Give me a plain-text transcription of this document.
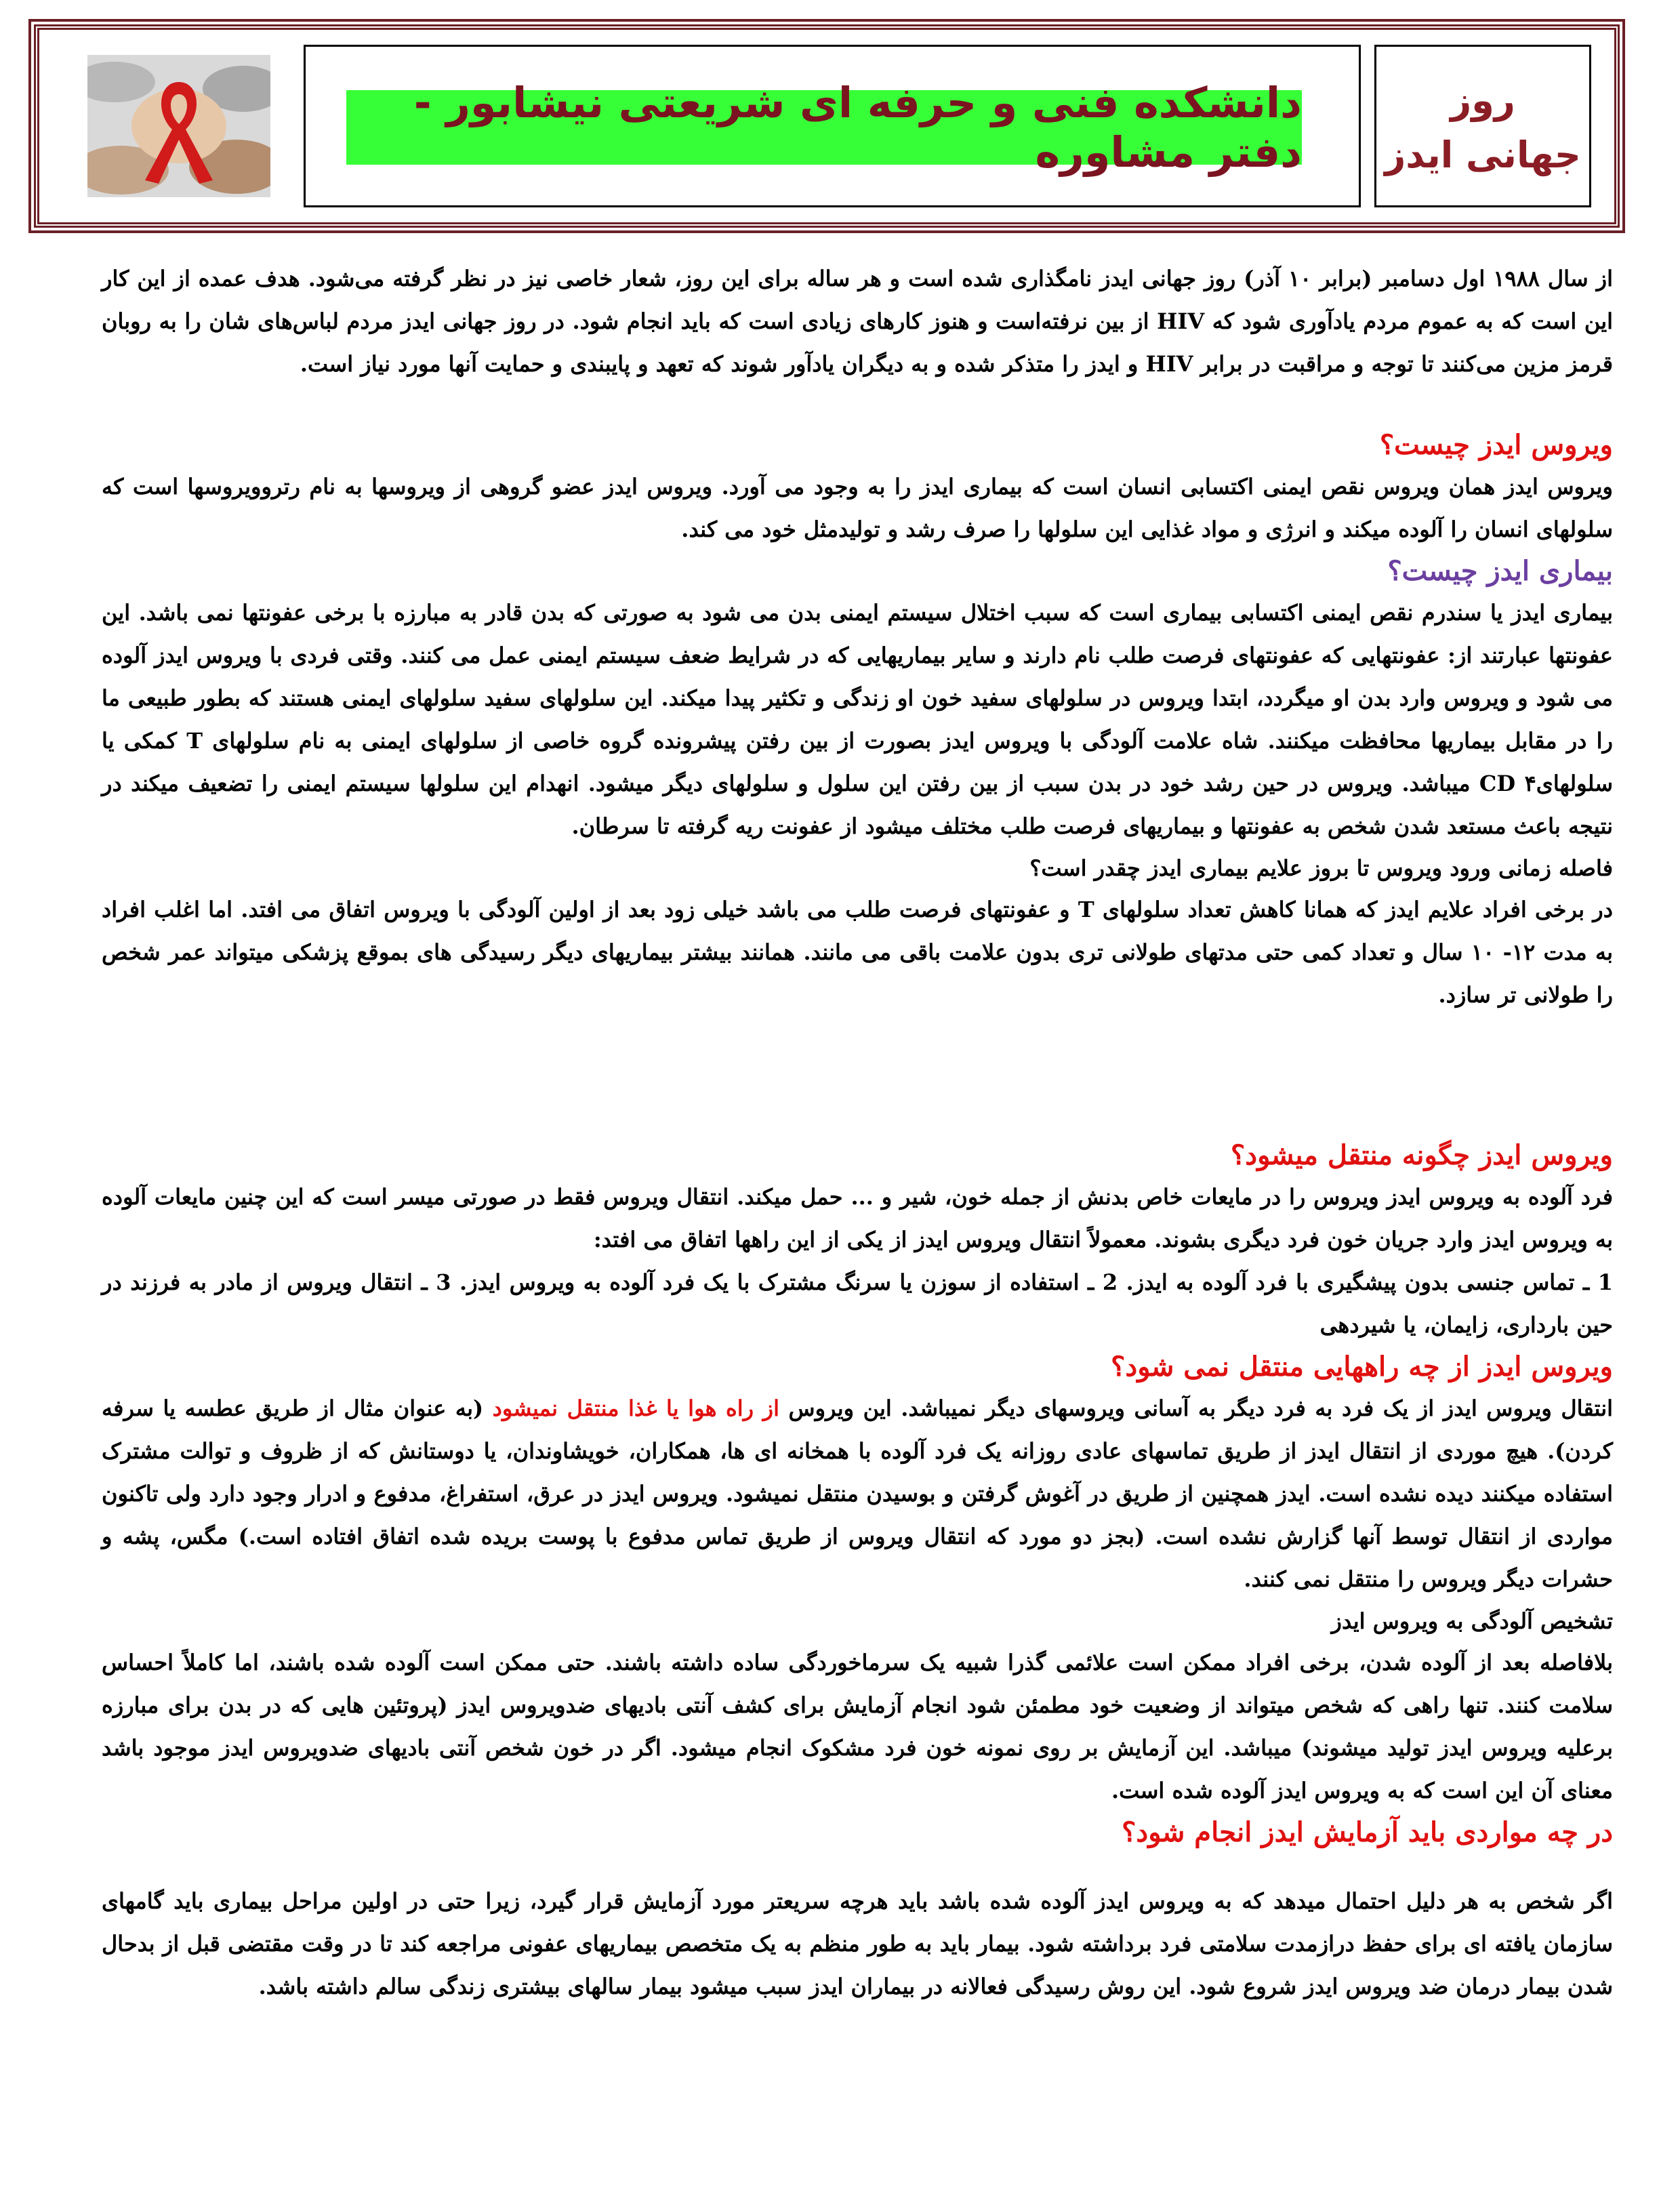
دانشکده فنی و حرفه ای شریعتی نیشابور - دفتر مشاوره
روز
جهانی ایدز

از سال ۱۹۸۸ اول دسامبر (برابر ۱۰ آذر) روز جهانی ایدز نامگذاری شده است و هر ساله برای این روز، شعار خاصی نیز در نظر گرفته می‌شود. هدف عمده از این کار این است که به عموم مردم یادآوری شود که HIV از بین نرفته‌است و هنوز کارهای زیادی است که باید انجام شود. در روز جهانی ایدز مردم لباس‌های شان را به روبان قرمز مزین می‌کنند تا توجه و مراقبت در برابر HIV و ایدز را متذکر شده و به دیگران یادآور شوند که تعهد و پایبندی و حمایت آنها مورد نیاز است.

ویروس ایدز چیست؟

ویروس ایدز همان ویروس نقص ایمنی اکتسابی انسان است که بیماری ایدز را به وجود می آورد. ویروس ایدز عضو گروهی از ویروسها به نام رتروویروسها است که سلولهای انسان را آلوده میکند و انرژی و مواد غذایی این سلولها را صرف رشد و تولیدمثل خود می کند.

بیماری ایدز چیست؟

بیماری ایدز یا سندرم نقص ایمنی اکتسابی بیماری است که سبب اختلال سیستم ایمنی بدن می شود به صورتی که بدن قادر به مبارزه با برخی عفونتها نمی باشد. این عفونتها عبارتند از: عفونتهایی که عفونتهای فرصت طلب نام دارند و سایر بیماریهایی که در شرایط ضعف سیستم ایمنی عمل می کنند. وقتی فردی با ویروس ایدز آلوده می شود و ویروس وارد بدن او میگردد، ابتدا ویروس در سلولهای سفید خون او زندگی و تکثیر پیدا میکند. این سلولهای سفید سلولهای ایمنی هستند که بطور طبیعی ما را در مقابل بیماریها محافظت میکنند. شاه علامت آلودگی با ویروس ایدز بصورت از بین رفتن پیشرونده گروه خاصی از سلولهای ایمنی به نام سلولهای T کمکی یا سلولهایCD ۴ میباشد. ویروس در حین رشد خود در بدن سبب از بین رفتن این سلول و سلولهای دیگر میشود. انهدام این سلولها سیستم ایمنی را تضعیف میکند در نتیجه باعث مستعد شدن شخص به عفونتها و بیماریهای فرصت طلب مختلف میشود از عفونت ریه گرفته تا سرطان.

فاصله زمانی ورود ویروس تا بروز علایم بیماری ایدز چقدر است؟

در برخی افراد علایم ایدز که همانا کاهش تعداد سلولهای T و عفونتهای فرصت طلب می باشد خیلی زود بعد از اولین آلودگی با ویروس اتفاق می افتد. اما اغلب افراد به مدت ۱۲- ۱۰ سال و تعداد کمی حتی مدتهای طولانی تری بدون علامت باقی می مانند. همانند بیشتر بیماریهای دیگر رسیدگی های بموقع پزشکی میتواند عمر شخص را طولانی تر سازد.

ویروس ایدز چگونه منتقل میشود؟

فرد آلوده به ویروس ایدز ویروس را در مایعات خاص بدنش از جمله خون، شیر و ... حمل میکند. انتقال ویروس فقط در صورتی میسر است که این چنین مایعات آلوده به ویروس ایدز وارد جریان خون فرد دیگری بشوند. معمولاً انتقال ویروس ایدز از یکی از این راهها اتفاق می افتد:

1 ـ تماس جنسی بدون پیشگیری با فرد آلوده به ایدز. 2 ـ استفاده از سوزن یا سرنگ مشترک با یک فرد آلوده به ویروس ایدز. 3 ـ انتقال ویروس از مادر به فرزند در حین بارداری، زایمان، یا شیردهی

ویروس ایدز از چه راههایی منتقل نمی شود؟

انتقال ویروس ایدز از یک فرد به فرد دیگر به آسانی ویروسهای دیگر نمیباشد. این ویروس از راه هوا یا غذا منتقل نمیشود (به عنوان مثال از طریق عطسه یا سرفه کردن). هیچ موردی از انتقال ایدز از طریق تماسهای عادی روزانه یک فرد آلوده با همخانه ای ها، همکاران، خویشاوندان، یا دوستانش که از ظروف و توالت مشترک استفاده میکنند دیده نشده است. ایدز همچنین از طریق در آغوش گرفتن و بوسیدن منتقل نمیشود. ویروس ایدز در عرق، استفراغ، مدفوع و ادرار وجود دارد ولی تاکنون مواردی از انتقال توسط آنها گزارش نشده است. (بجز دو مورد که انتقال ویروس از طریق تماس مدفوع با پوست بریده شده اتفاق افتاده است.) مگس، پشه و حشرات دیگر ویروس را منتقل نمی کنند.

تشخیص آلودگی به ویروس ایدز

بلافاصله بعد از آلوده شدن، برخی افراد ممکن است علائمی گذرا شبیه یک سرماخوردگی ساده داشته باشند. حتی ممکن است آلوده شده باشند، اما کاملاً احساس سلامت کنند. تنها راهی که شخص میتواند از وضعیت خود مطمئن شود انجام آزمایش برای کشف آنتی بادیهای ضدویروس ایدز (پروتئین هایی که در بدن برای مبارزه برعلیه ویروس ایدز تولید میشوند) میباشد. این آزمایش بر روی نمونه خون فرد مشکوک انجام میشود. اگر در خون شخص آنتی بادیهای ضدویروس ایدز موجود باشد معنای آن این است که به ویروس ایدز آلوده شده است.

در چه مواردی باید آزمایش ایدز انجام شود؟

اگر شخص به هر دلیل احتمال میدهد که به ویروس ایدز آلوده شده باشد باید هرچه سریعتر مورد آزمایش قرار گیرد، زیرا حتی در اولین مراحل بیماری باید گامهای سازمان یافته ای برای حفظ درازمدت سلامتی فرد برداشته شود. بیمار باید به طور منظم به یک متخصص بیماریهای عفونی مراجعه کند تا در وقت مقتضی قبل از بدحال شدن بیمار درمان ضد ویروس ایدز شروع شود. این روش رسیدگی فعالانه در بیماران ایدز سبب میشود بیمار سالهای بیشتری زندگی سالم داشته باشد.
